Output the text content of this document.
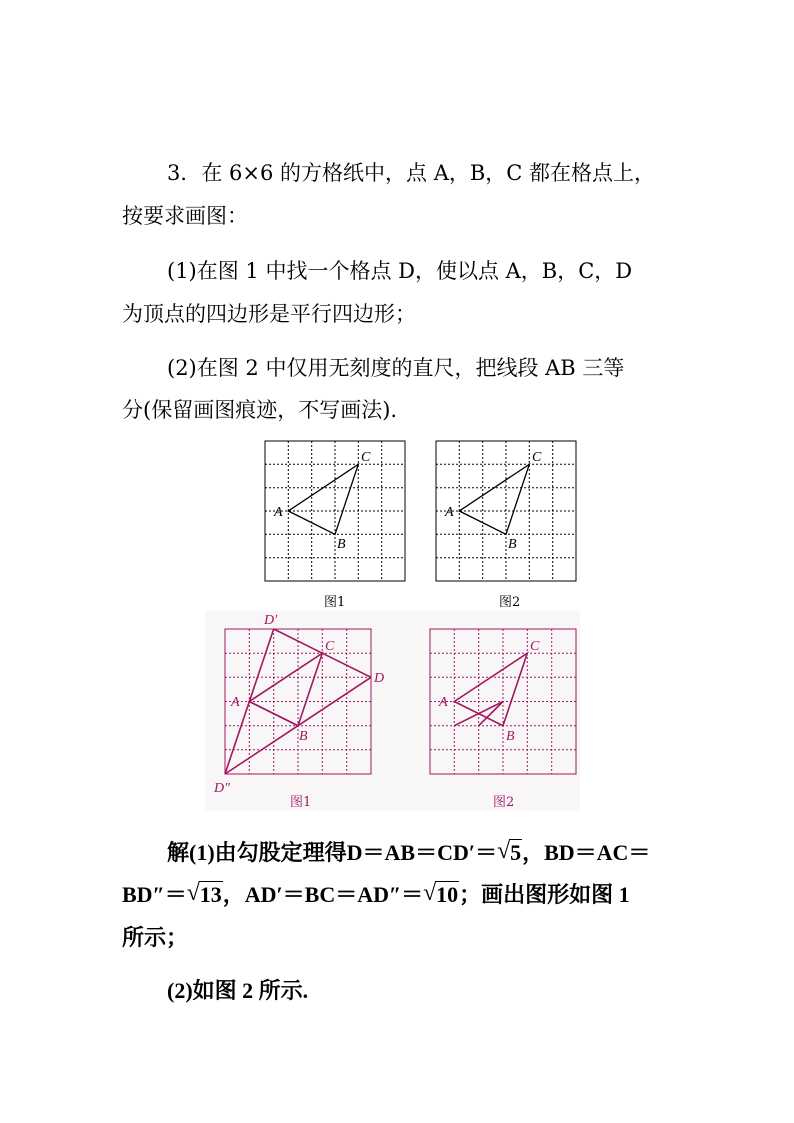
3．在 6×6 的方格纸中，点 A，B，C 都在格点上，
按要求画图：
(1)在图 1 中找一个格点 D，使以点 A，B，C，D
为顶点的四边形是平行四边形；
(2)在图 2 中仅用无刻度的直尺，把线段 AB 三等
分(保留画图痕迹，不写画法).
A
C
B
图1
A
C
B
图2
A
C
B
D
D′
D″
图1
A
C
B
图2
解(1)由勾股定理得D＝AB＝CD′＝ √ 5，BD＝AC＝
BD″＝ √ 13，AD′＝BC＝AD″＝ √ 10；画出图形如图 1
所示；
(2)如图 2 所示.
